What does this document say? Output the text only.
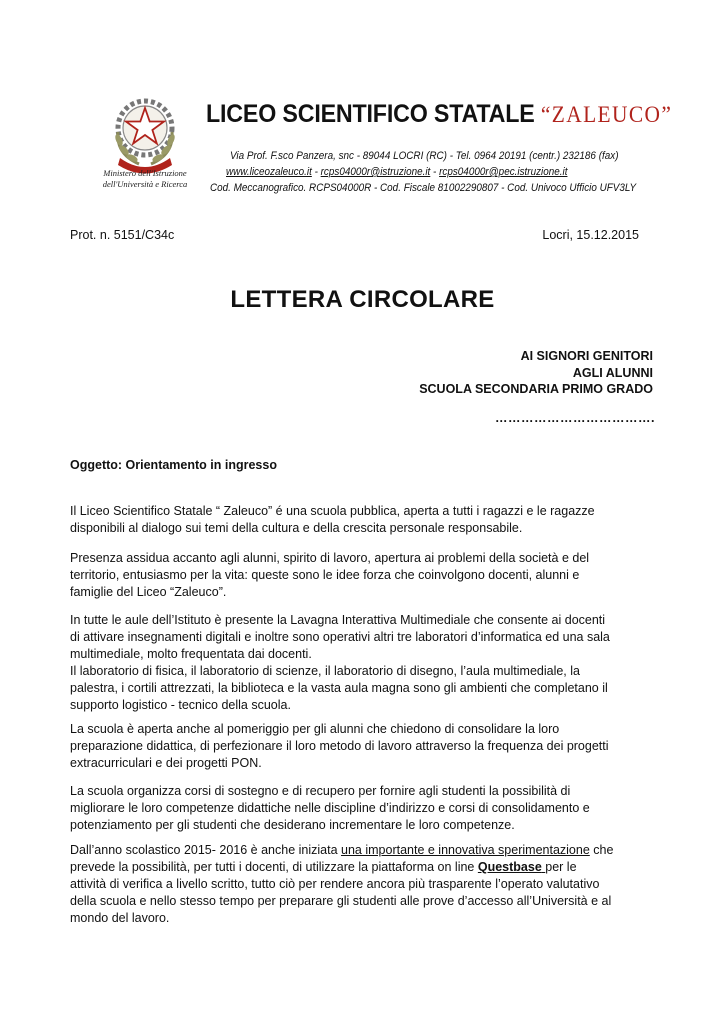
Ministero dell'Istruzione
dell'Università e Ricerca
LICEO SCIENTIFICO STATALE “ZALEUCO”
Via Prof. F.sco Panzera, snc - 89044 LOCRI (RC) - Tel. 0964 20191 (centr.) 232186 (fax)
www.liceozaleuco.it - rcps04000r@istruzione.it - rcps04000r@pec.istruzione.it
Cod. Meccanografico. RCPS04000R - Cod. Fiscale 81002290807 - Cod. Univoco Ufficio UFV3LY
Prot. n. 5151/C34c	Locri, 15.12.2015
LETTERA CIRCOLARE
AI SIGNORI GENITORI
AGLI ALUNNI
SCUOLA SECONDARIA PRIMO GRADO
……………………………….
Oggetto: Orientamento in ingresso

Il Liceo Scientifico Statale “ Zaleuco” é una scuola pubblica, aperta a tutti i ragazzi e le ragazze
disponibili al dialogo sui temi della cultura e della crescita personale responsabile.

Presenza assidua accanto agli alunni, spirito di lavoro, apertura ai problemi della società e del
territorio, entusiasmo per la vita: queste sono le idee forza che coinvolgono docenti, alunni e
famiglie del Liceo “Zaleuco”.

In tutte le aule dell’Istituto è presente la Lavagna Interattiva Multimediale che consente ai docenti
di attivare insegnamenti digitali e inoltre sono operativi altri tre laboratori d’informatica ed una sala
multimediale, molto frequentata dai docenti.
Il laboratorio di fisica, il laboratorio di scienze, il laboratorio di disegno, l’aula multimediale, la
palestra, i cortili attrezzati, la biblioteca e la vasta aula magna sono gli ambienti che completano il
supporto logistico - tecnico della scuola.

La scuola è aperta anche al pomeriggio per gli alunni che chiedono di consolidare la loro
preparazione didattica, di perfezionare il loro metodo di lavoro attraverso la frequenza dei progetti
extracurriculari e dei progetti PON.

La scuola organizza corsi di sostegno e di recupero per fornire agli studenti la possibilità di
migliorare le loro competenze didattiche nelle discipline d’indirizzo e corsi di consolidamento e
potenziamento per gli studenti che desiderano incrementare le loro competenze.

Dall’anno scolastico 2015- 2016 è anche iniziata una importante e innovativa sperimentazione che
prevede la possibilità, per tutti i docenti, di utilizzare la piattaforma on line Questbase per le
attività di verifica a livello scritto, tutto ciò per rendere ancora più trasparente l’operato valutativo
della scuola e nello stesso tempo per preparare gli studenti alle prove d’accesso all’Università e al
mondo del lavoro.
